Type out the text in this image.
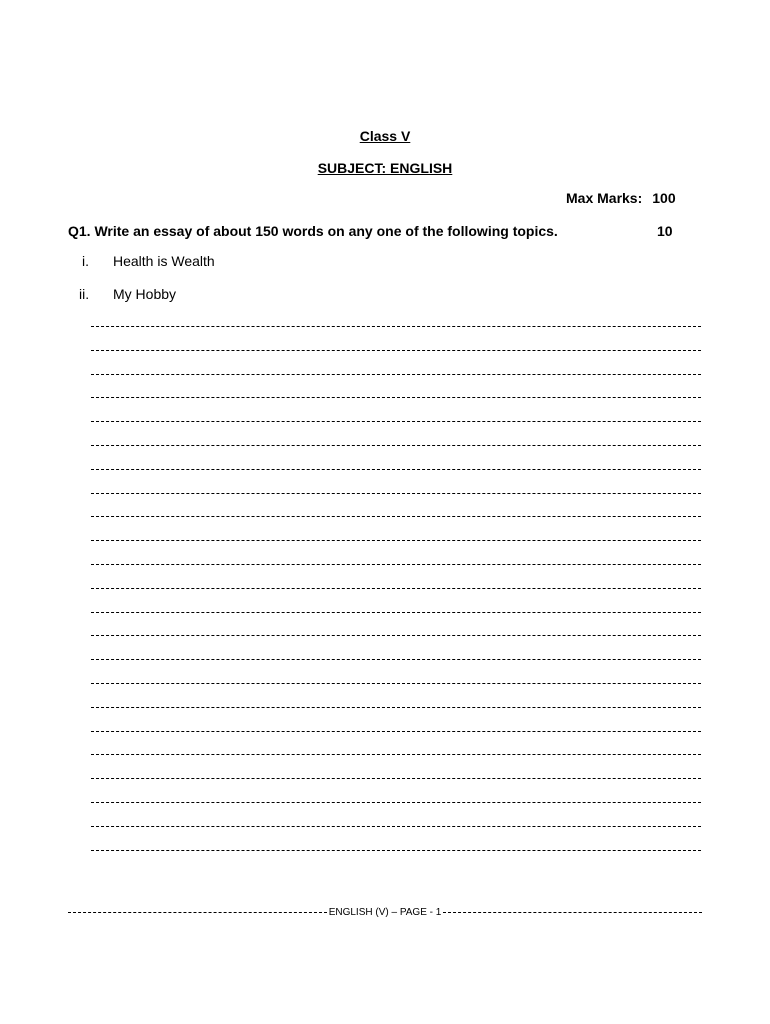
Class V
SUBJECT: ENGLISH
Max Marks: 100
Q1. Write an essay of about 150 words on any one of the following topics.	10
i.	Health is Wealth
ii.	My Hobby
ENGLISH (V) – PAGE - 1
